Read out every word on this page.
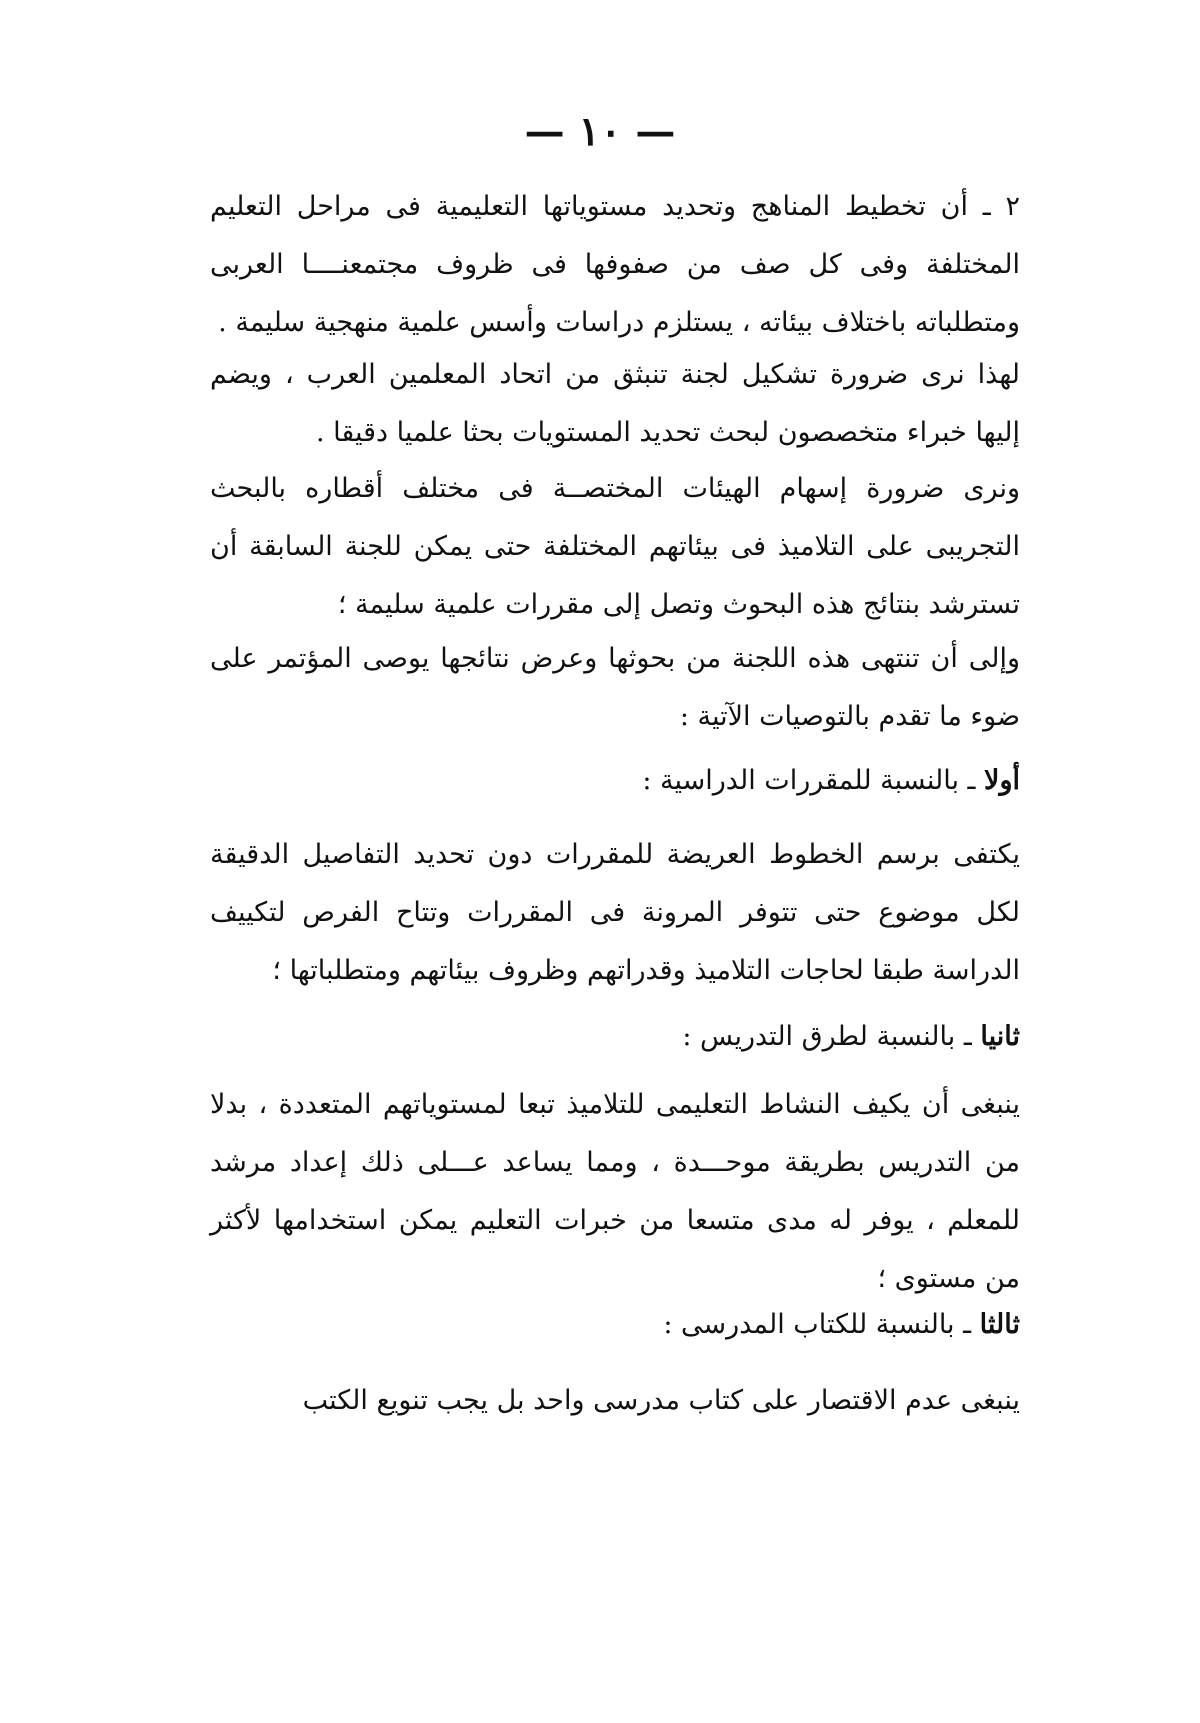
— ١٠ —
٢ ـ أن تخطيط المناهج وتحديد مستوياتها التعليمية فى مراحل التعليم المختلفة وفى كل صف من صفوفها فى ظروف مجتمعنــــا العربى ومتطلباته باختلاف بيئاته ، يستلزم دراسات وأسس علمية منهجية سليمة .
لهذا نرى ضرورة تشكيل لجنة تنبثق من اتحاد المعلمين العرب ، ويضم إليها خبراء متخصصون لبحث تحديد المستويات بحثا علميا دقيقا .
ونرى ضرورة إسهام الهيئات المختصــة فى مختلف أقطاره بالبحث التجريبى على التلاميذ فى بيئاتهم المختلفة حتى يمكن للجنة السابقة أن تسترشد بنتائج هذه البحوث وتصل إلى مقررات علمية سليمة ؛
وإلى أن تنتهى هذه اللجنة من بحوثها وعرض نتائجها يوصى المؤتمر على ضوء ما تقدم بالتوصيات الآتية :
أولا ـ بالنسبة للمقررات الدراسية :
يكتفى برسم الخطوط العريضة للمقررات دون تحديد التفاصيل الدقيقة لكل موضوع حتى تتوفر المرونة فى المقررات وتتاح الفرص لتكييف الدراسة طبقا لحاجات التلاميذ وقدراتهم وظروف بيئاتهم ومتطلباتها ؛
ثانيا ـ بالنسبة لطرق التدريس :
ينبغى أن يكيف النشاط التعليمى للتلاميذ تبعا لمستوياتهم المتعددة ، بدلا من التدريس بطريقة موحـــدة ، ومما يساعد عـــلى ذلك إعداد مرشد للمعلم ، يوفر له مدى متسعا من خبرات التعليم يمكن استخدامها لأكثر من مستوى ؛
ثالثا ـ بالنسبة للكتاب المدرسى :
ينبغى عدم الاقتصار على كتاب مدرسى واحد بل يجب تنويع الكتب
